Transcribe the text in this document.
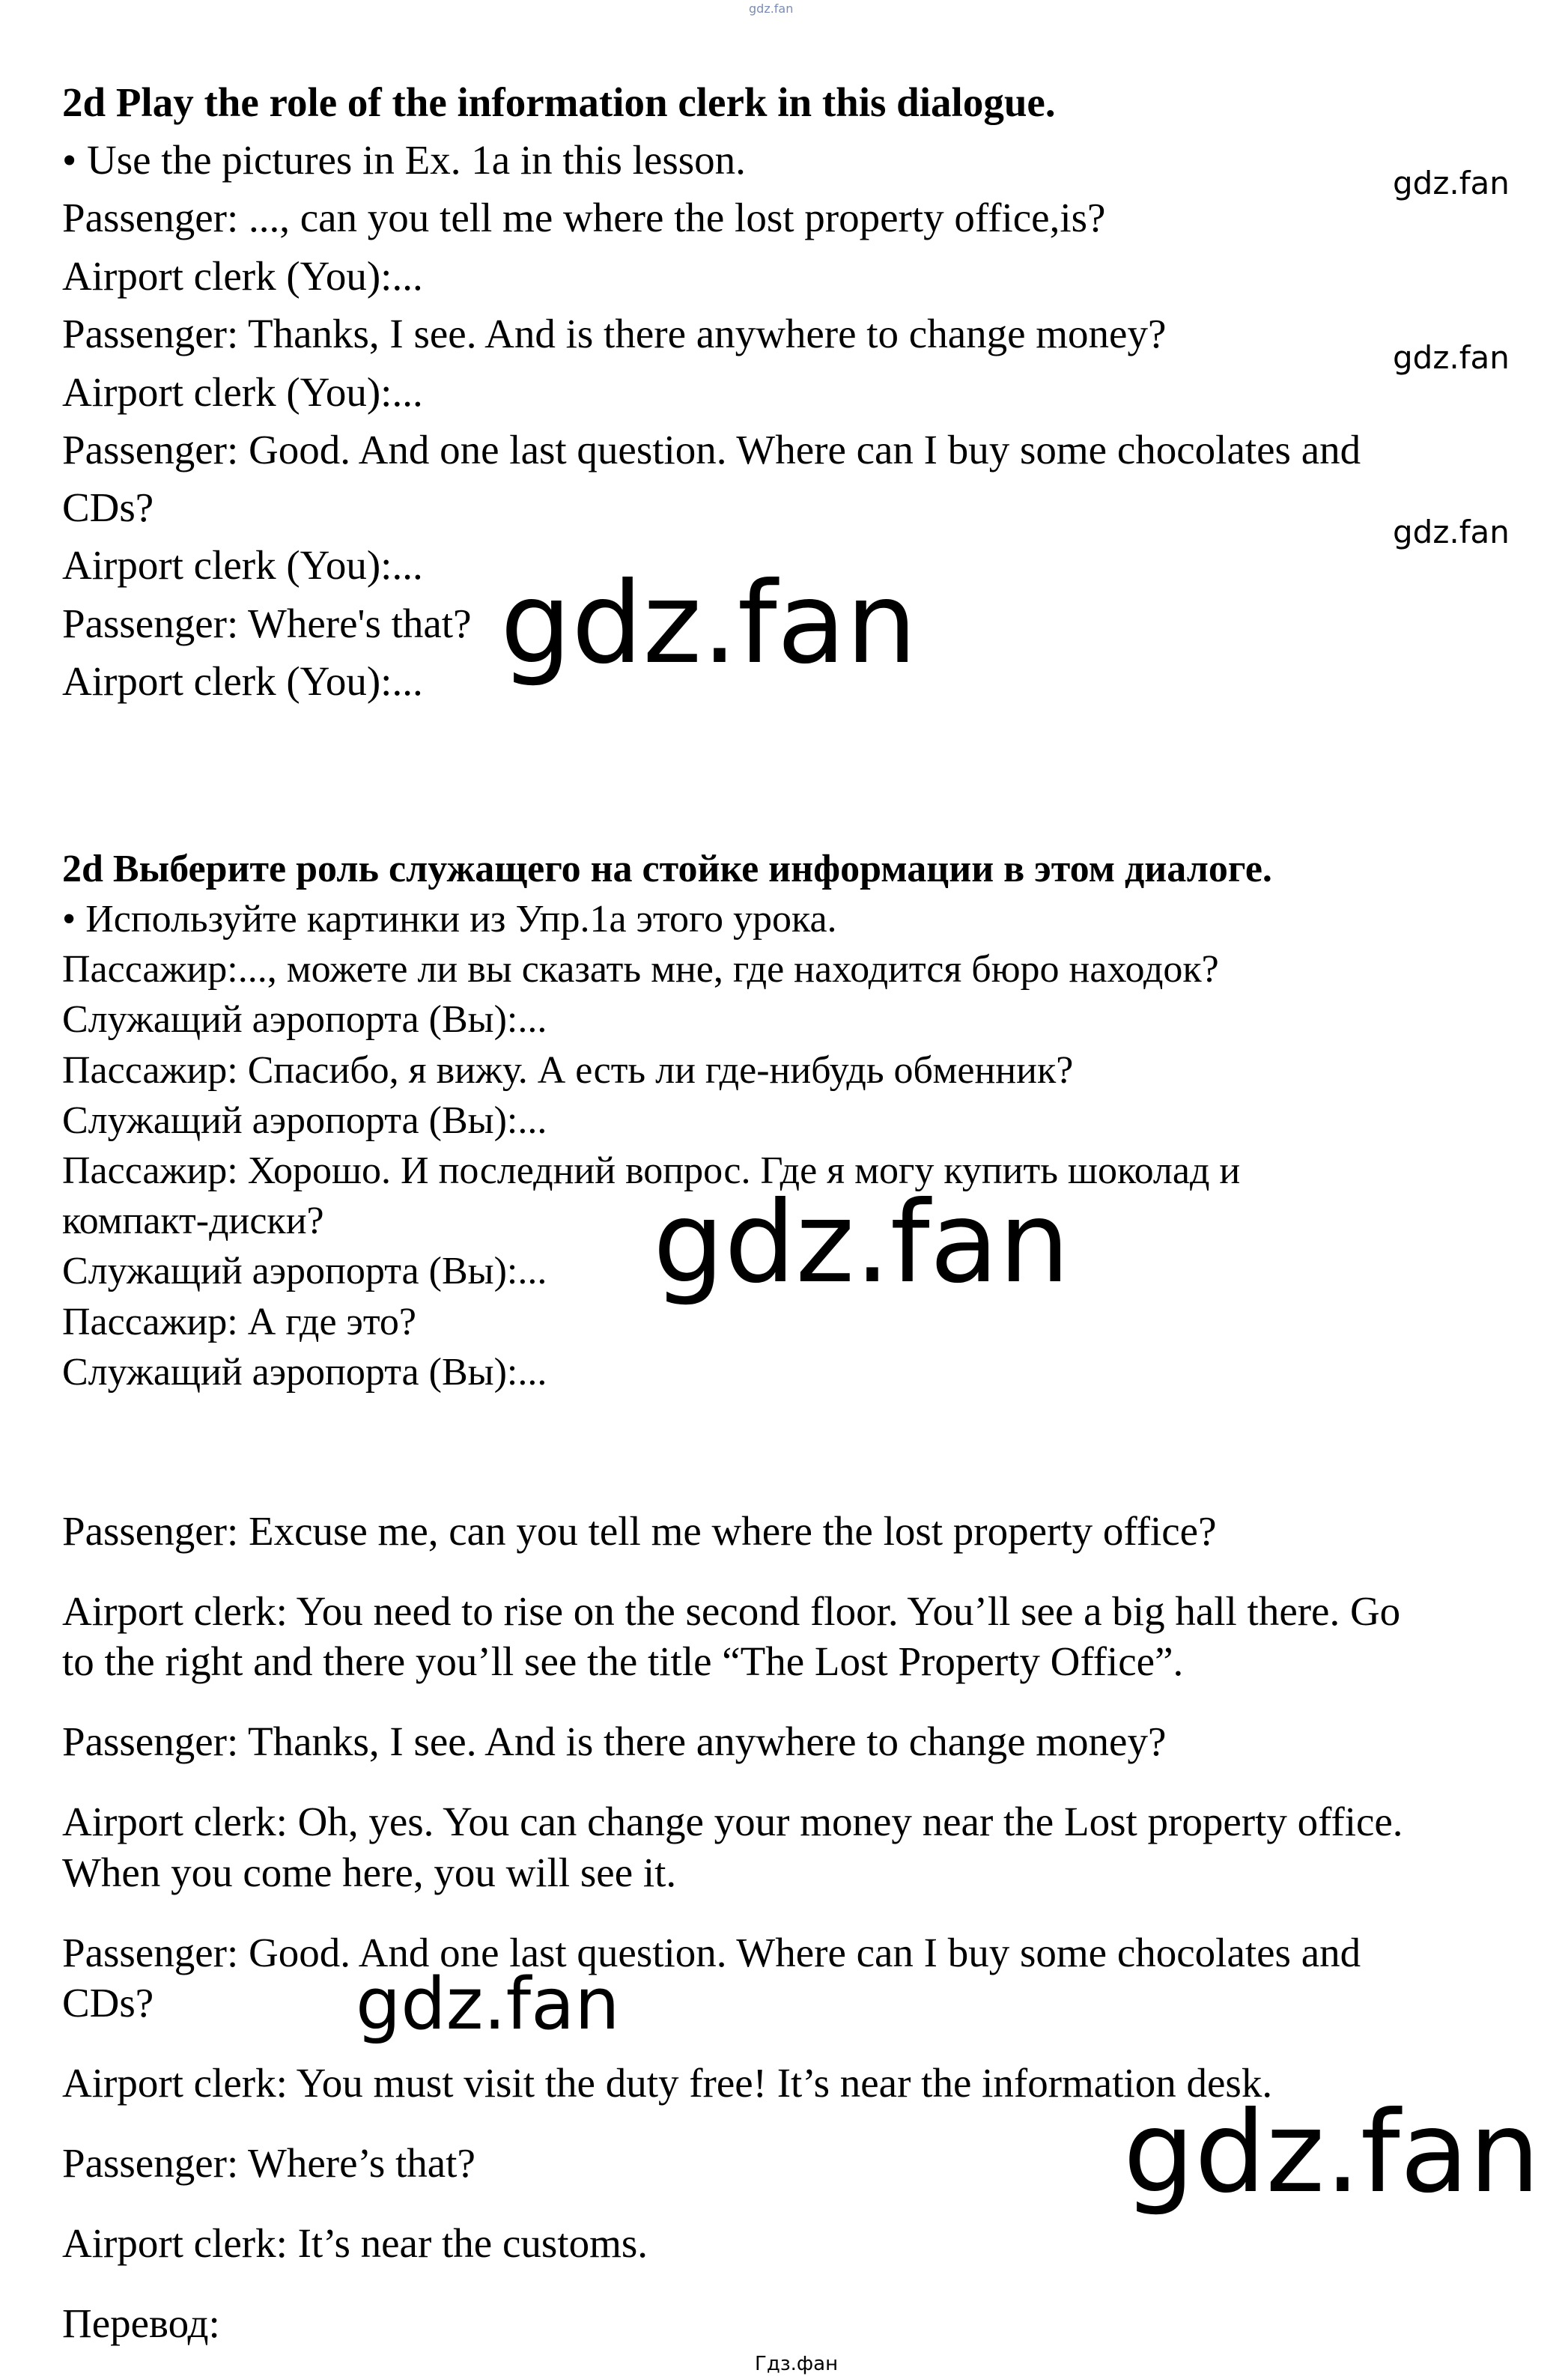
gdz.fan
2d Play the role of the information clerk in this dialogue.
• Use the pictures in Ex. 1a in this lesson.
Passenger: ..., can you tell me where the lost property office,is?
Airport clerk (You):...
Passenger: Thanks, I see. And is there anywhere to change money?
Airport clerk (You):...
Passenger: Good. And one last question. Where can I buy some chocolates and
CDs?
Airport clerk (You):...
Passenger: Where's that?
Airport clerk (You):...
gdz.fan
gdz.fan
gdz.fan
gdz.fan
2d Выберите роль служащего на стойке информации в этом диалоге.
• Используйте картинки из Упр.1a этого урока.
Пассажир:..., можете ли вы сказать мне, где находится бюро находок?
Служащий аэропорта (Вы):...
Пассажир: Спасибо, я вижу. А есть ли где-нибудь обменник?
Служащий аэропорта (Вы):...
Пассажир: Хорошо. И последний вопрос. Где я могу купить шоколад и
компакт-диски?
Служащий аэропорта (Вы):...
Пассажир: А где это?
Служащий аэропорта (Вы):...
gdz.fan
Passenger: Excuse me, can you tell me where the lost property office?
Airport clerk: You need to rise on the second floor. You’ll see a big hall there. Go
to the right and there you’ll see the title “The Lost Property Office”.
Passenger: Thanks, I see. And is there anywhere to change money?
Airport clerk: Oh, yes. You can change your money near the Lost property office.
When you come here, you will see it.
Passenger: Good. And one last question. Where can I buy some chocolates and
CDs?
Airport clerk: You must visit the duty free! It’s near the information desk.
Passenger: Where’s that?
Airport clerk: It’s near the customs.
Перевод:
gdz.fan
gdz.fan
Гдз.фан
